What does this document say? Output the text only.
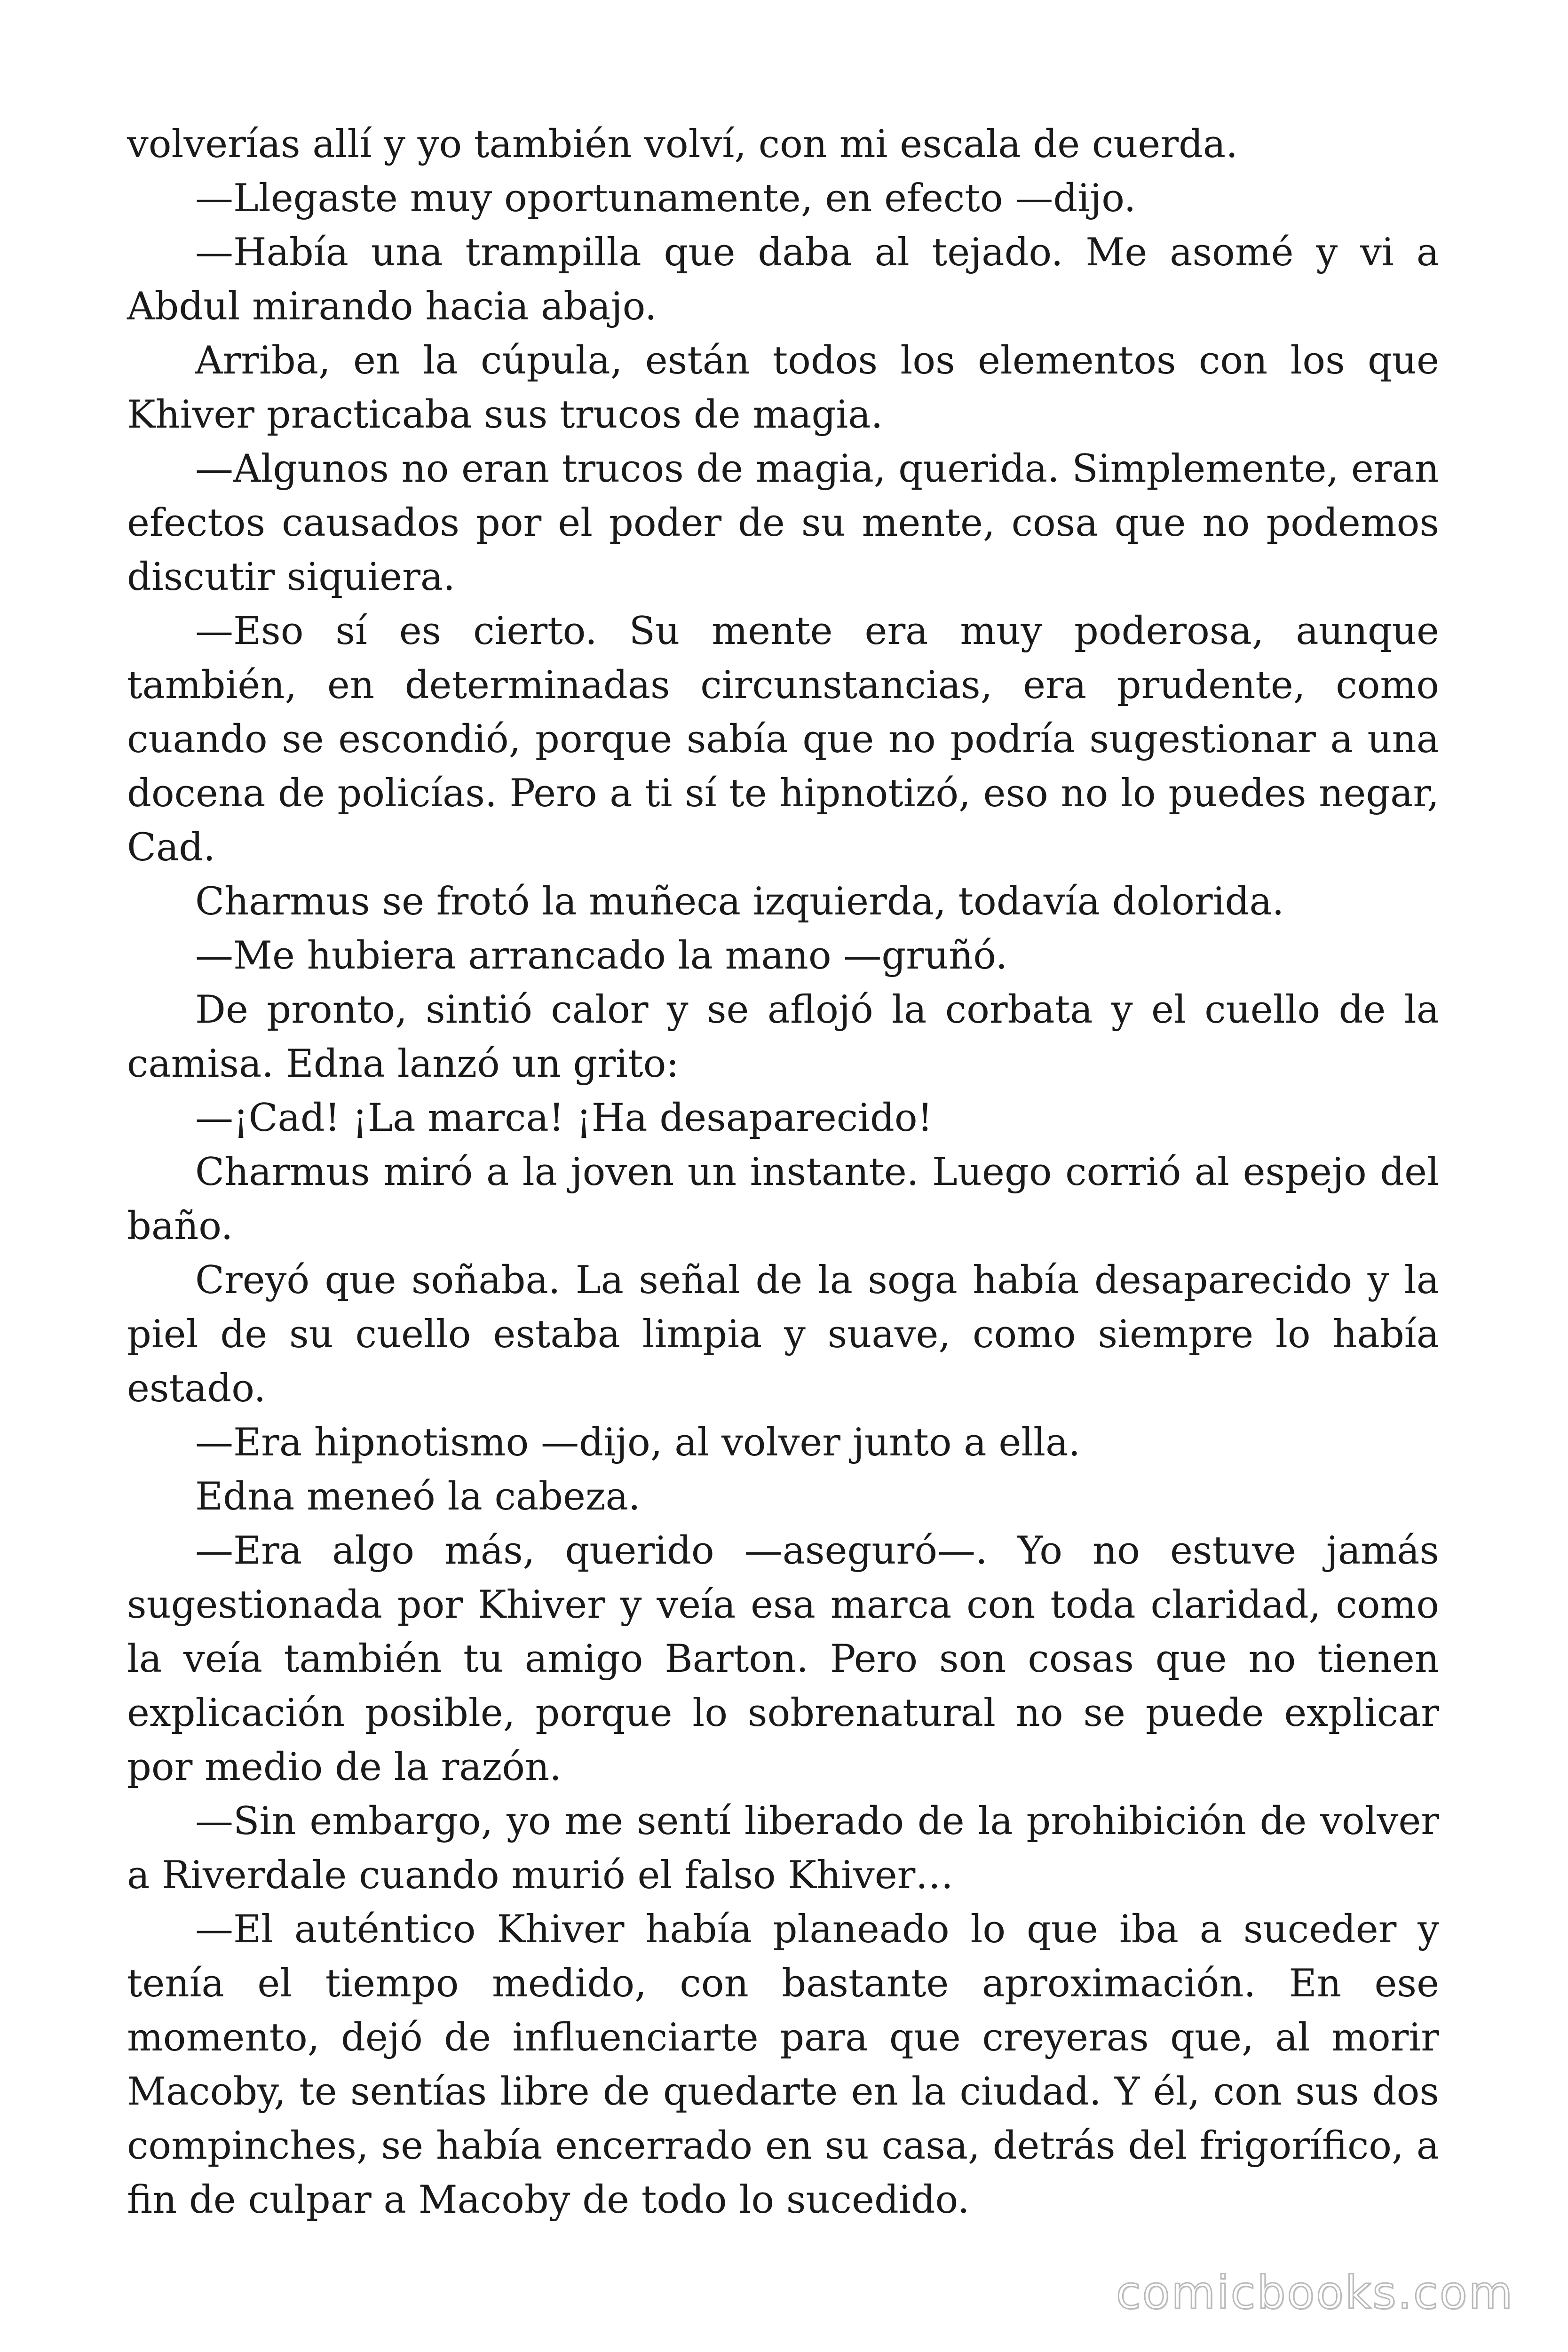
volverías allí y yo también volví, con mi escala de cuerda.

—Llegaste muy oportunamente, en efecto —dijo.

—Había una trampilla que daba al tejado. Me asomé y vi a Abdul mirando hacia abajo.

Arriba, en la cúpula, están todos los elementos con los que Khiver practicaba sus trucos de magia.

—Algunos no eran trucos de magia, querida. Simplemente, eran efectos causados por el poder de su mente, cosa que no podemos discutir siquiera.

—Eso sí es cierto. Su mente era muy poderosa, aunque también, en determinadas circunstancias, era prudente, como cuando se escondió, porque sabía que no podría sugestionar a una docena de policías. Pero a ti sí te hipnotizó, eso no lo puedes negar, Cad.

Charmus se frotó la muñeca izquierda, todavía dolorida.

—Me hubiera arrancado la mano —gruñó.

De pronto, sintió calor y se aflojó la corbata y el cuello de la camisa. Edna lanzó un grito:

—¡Cad! ¡La marca! ¡Ha desaparecido!

Charmus miró a la joven un instante. Luego corrió al espejo del baño.

Creyó que soñaba. La señal de la soga había desaparecido y la piel de su cuello estaba limpia y suave, como siempre lo había estado.

—Era hipnotismo —dijo, al volver junto a ella.

Edna meneó la cabeza.

—Era algo más, querido —aseguró—. Yo no estuve jamás sugestionada por Khiver y veía esa marca con toda claridad, como la veía también tu amigo Barton. Pero son cosas que no tienen explicación posible, porque lo sobrenatural no se puede explicar por medio de la razón.

—Sin embargo, yo me sentí liberado de la prohibición de volver a Riverdale cuando murió el falso Khiver…

—El auténtico Khiver había planeado lo que iba a suceder y tenía el tiempo medido, con bastante aproximación. En ese momento, dejó de influenciarte para que creyeras que, al morir Macoby, te sentías libre de quedarte en la ciudad. Y él, con sus dos compinches, se había encerrado en su casa, detrás del frigorífico, a fin de culpar a Macoby de todo lo sucedido.

comicbooks.com
